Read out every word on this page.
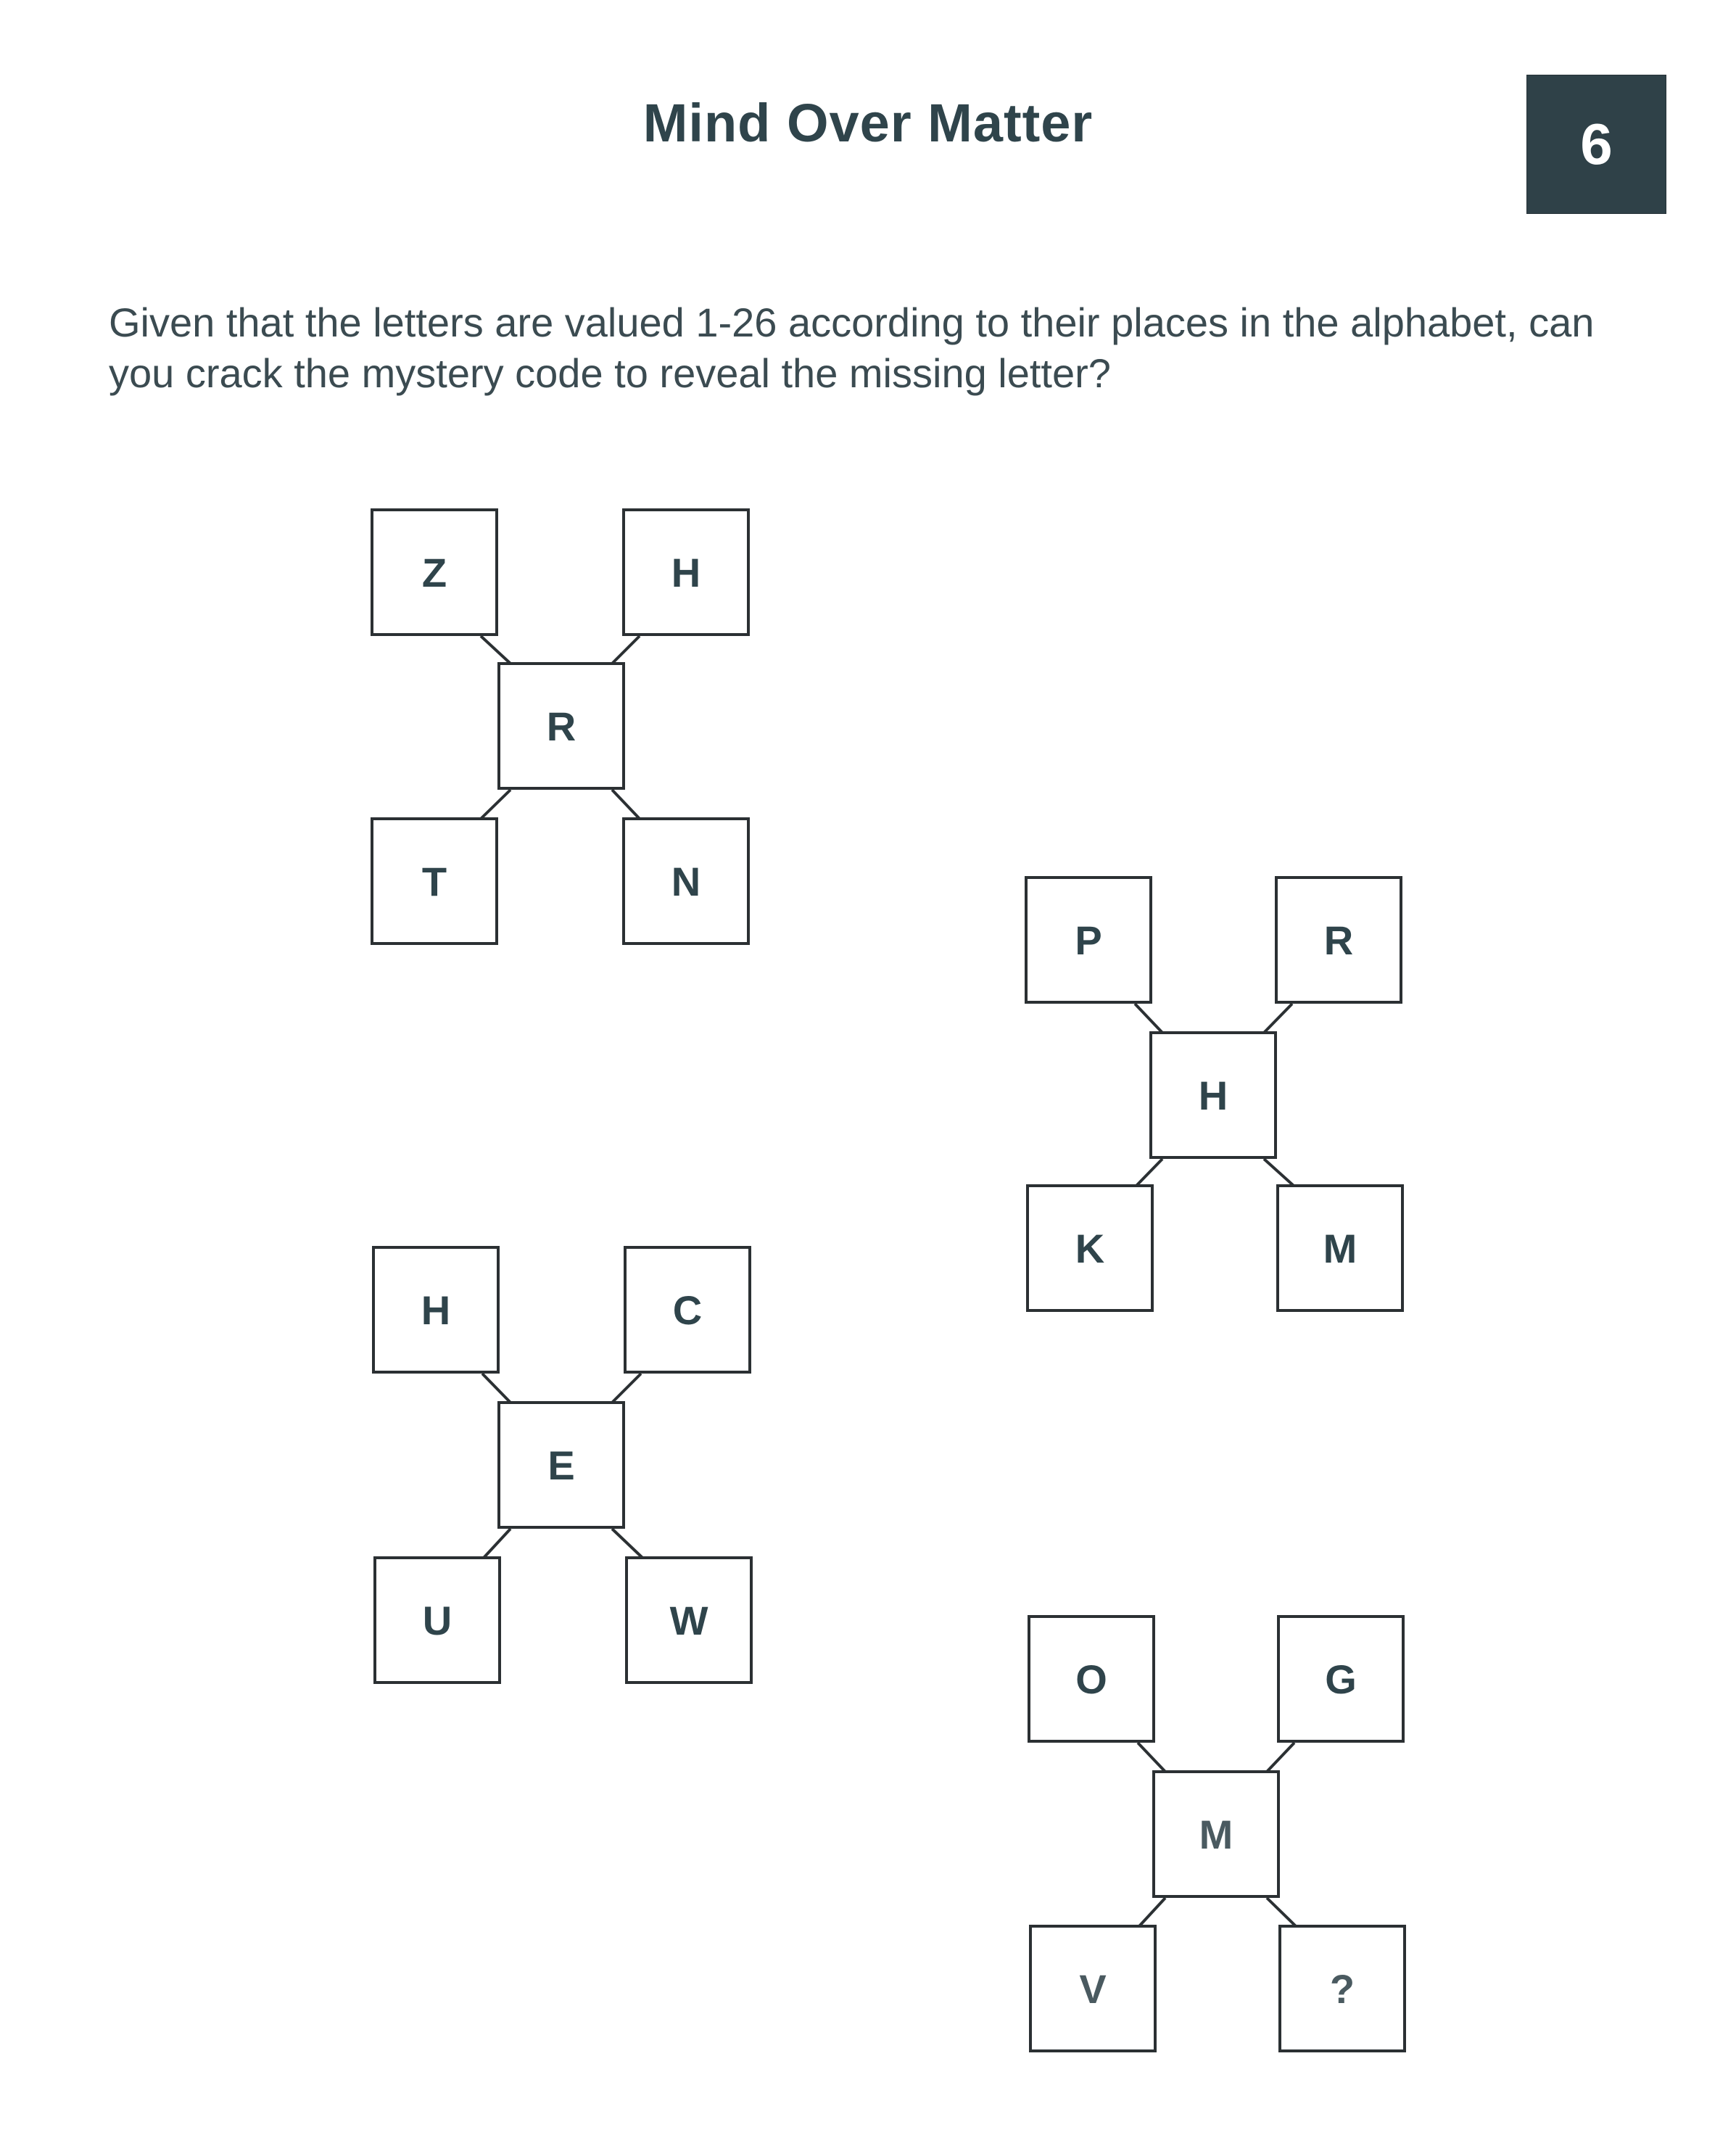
Mind Over Matter	6

Given that the letters are valued 1-26 according to their places in the alphabet, can

you crack the mystery code to reveal the missing letter?

Z	H
R
T	N
P	R
H
K	M
H	C
E
U	W
O	G
M
V	?
